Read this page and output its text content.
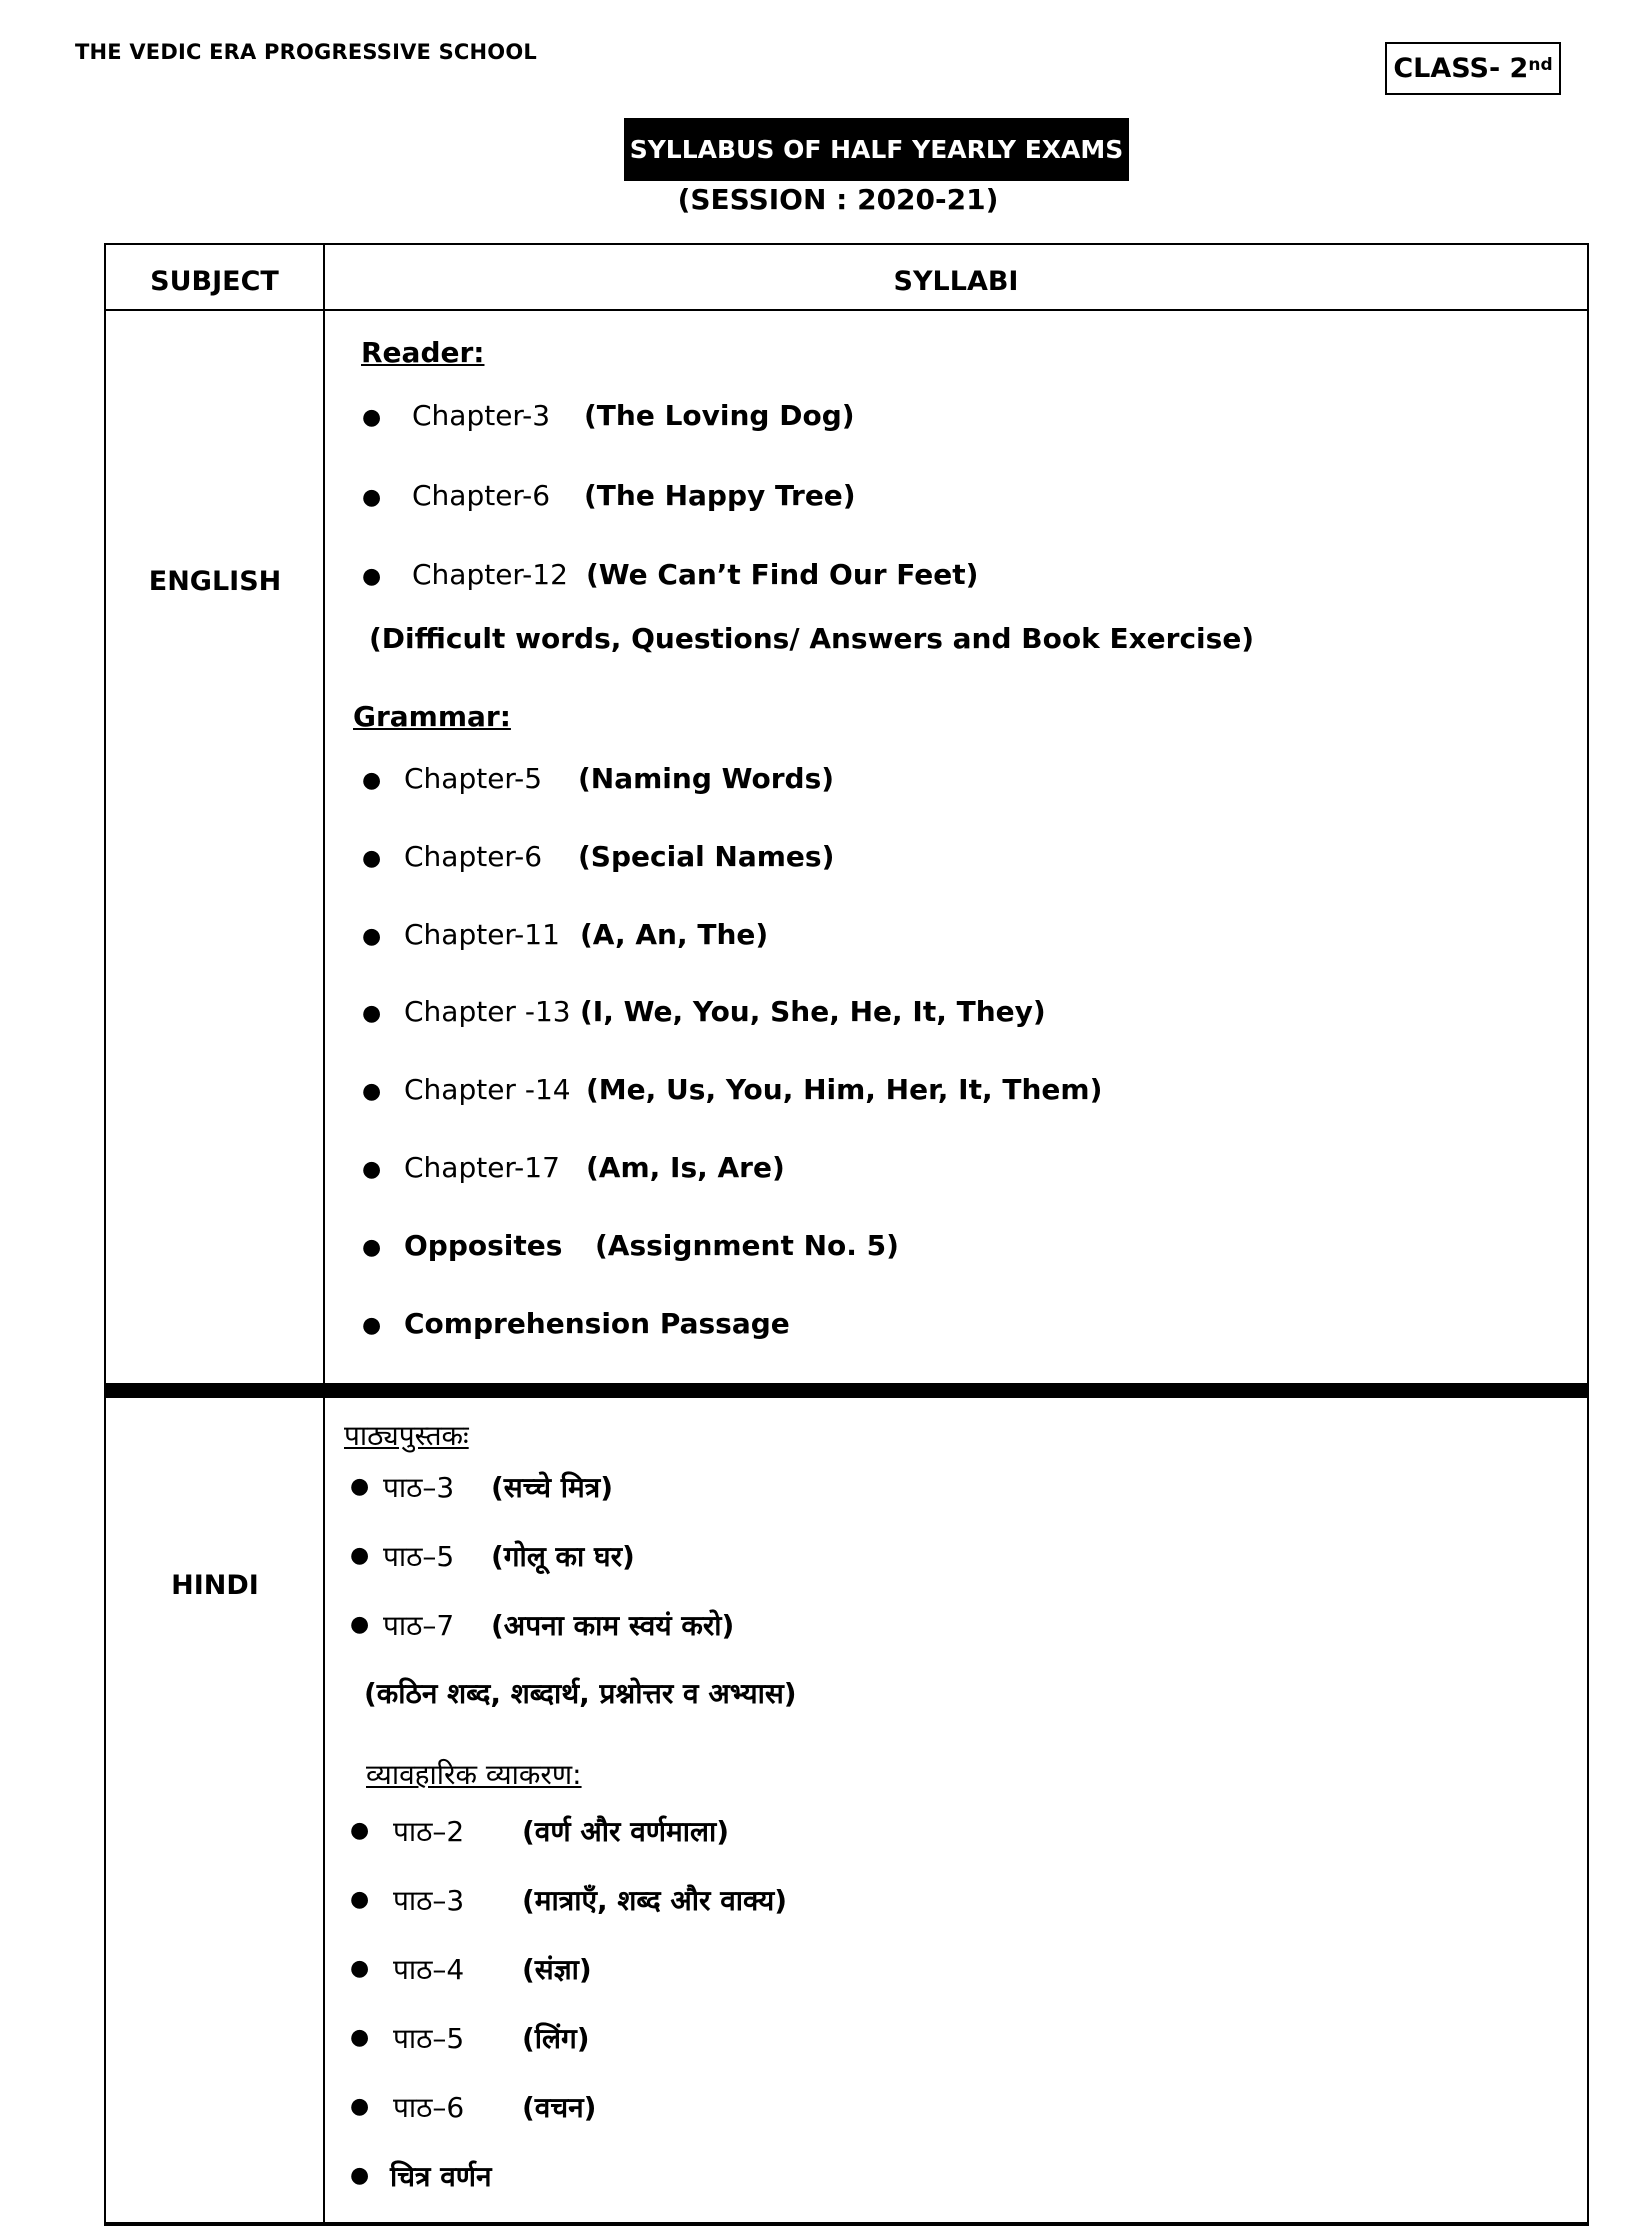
THE VEDIC ERA PROGRESSIVE SCHOOL
CLASS- 2nd
SYLLABUS OF HALF YEARLY EXAMS
(SESSION : 2020-21)
SUBJECT	SYLLABI
ENGLISH
Reader:
● Chapter-3 (The Loving Dog)
● Chapter-6 (The Happy Tree)
● Chapter-12 (We Can’t Find Our Feet)
(Difficult words, Questions/ Answers and Book Exercise)
Grammar:
● Chapter-5 (Naming Words)
● Chapter-6 (Special Names)
● Chapter-11 (A, An, The)
● Chapter -13 (I, We, You, She, He, It, They)
● Chapter -14 (Me, Us, You, Him, Her, It, Them)
● Chapter-17 (Am, Is, Are)
● Opposites (Assignment No. 5)
● Comprehension Passage
HINDI
पाठ्यपुस्तकः
● पाठ–3 (सच्चे मित्र)
● पाठ–5 (गोलू का घर)
● पाठ–7 (अपना काम स्वयं करो)
(कठिन शब्द, शब्दार्थ, प्रश्नोत्तर व अभ्यास)
व्यावहारिक व्याकरण:
● पाठ–2 (वर्ण और वर्णमाला)
● पाठ–3 (मात्राएँ, शब्द और वाक्य)
● पाठ–4 (संज्ञा)
● पाठ–5 (लिंग)
● पाठ–6 (वचन)
● चित्र वर्णन
